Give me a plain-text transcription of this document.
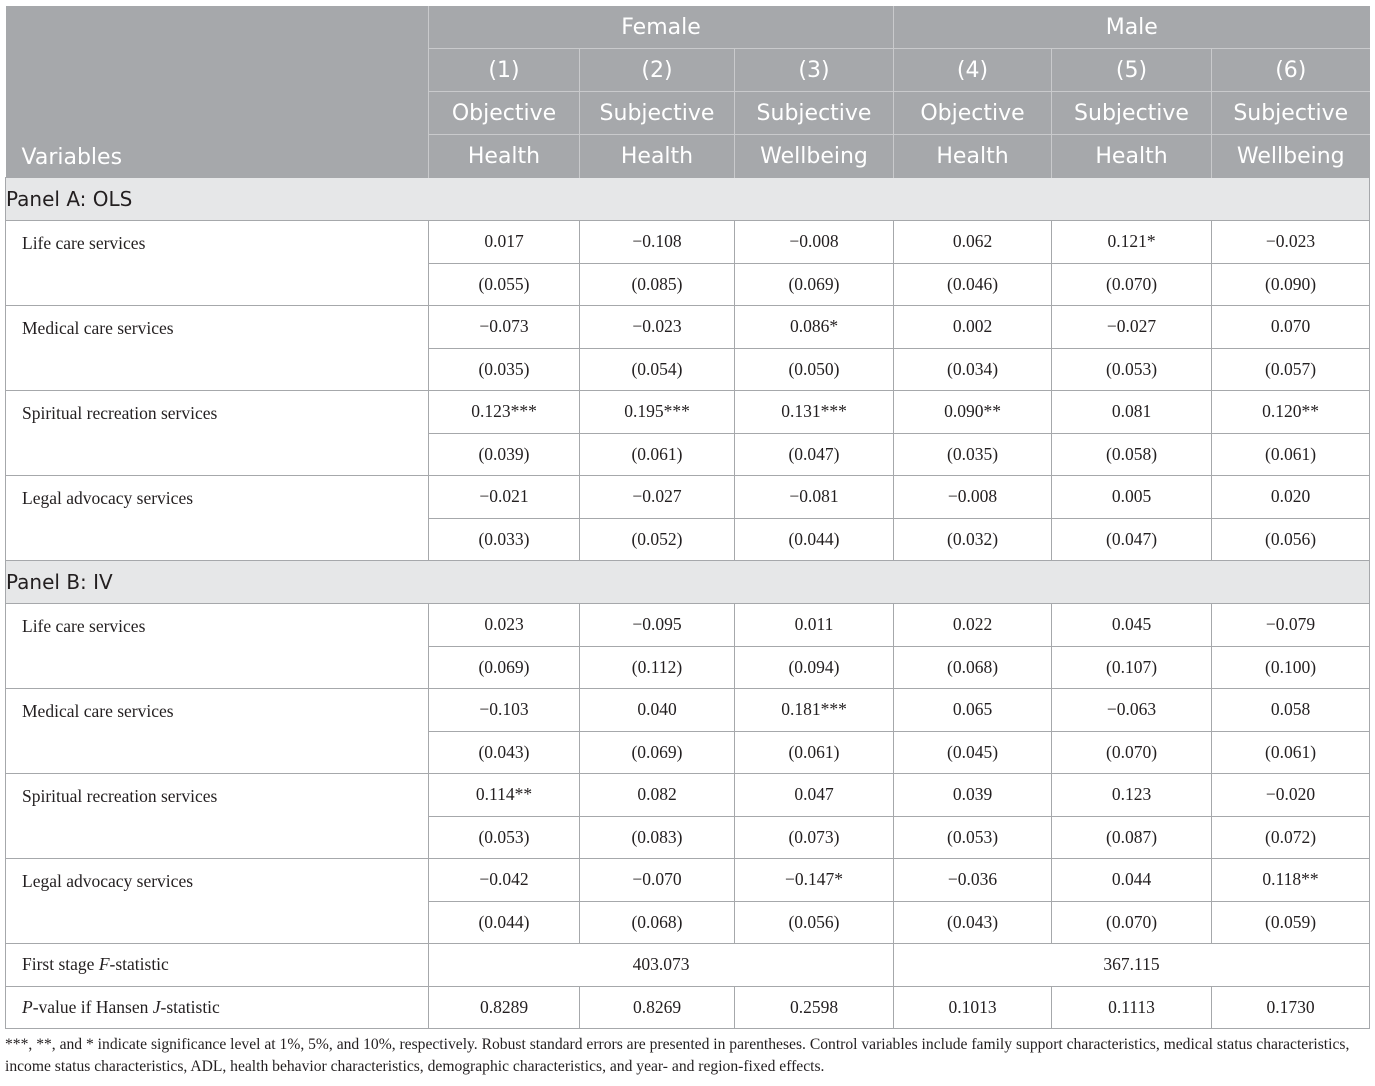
Variables	Female			Male		
	(1)	(2)	(3)	(4)	(5)	(6)
	Objective	Subjective	Subjective	Objective	Subjective	Subjective
	Health	Health	Wellbeing	Health	Health	Wellbeing
Panel A: OLS						
Life care services	0.017	−0.108	−0.008	0.062	0.121*	−0.023
	(0.055)	(0.085)	(0.069)	(0.046)	(0.070)	(0.090)
Medical care services	−0.073	−0.023	0.086*	0.002	−0.027	0.070
	(0.035)	(0.054)	(0.050)	(0.034)	(0.053)	(0.057)
Spiritual recreation services	0.123***	0.195***	0.131***	0.090**	0.081	0.120**
	(0.039)	(0.061)	(0.047)	(0.035)	(0.058)	(0.061)
Legal advocacy services	−0.021	−0.027	−0.081	−0.008	0.005	0.020
	(0.033)	(0.052)	(0.044)	(0.032)	(0.047)	(0.056)
Panel B: IV						
Life care services	0.023	−0.095	0.011	0.022	0.045	−0.079
	(0.069)	(0.112)	(0.094)	(0.068)	(0.107)	(0.100)
Medical care services	−0.103	0.040	0.181***	0.065	−0.063	0.058
	(0.043)	(0.069)	(0.061)	(0.045)	(0.070)	(0.061)
Spiritual recreation services	0.114**	0.082	0.047	0.039	0.123	−0.020
	(0.053)	(0.083)	(0.073)	(0.053)	(0.087)	(0.072)
Legal advocacy services	−0.042	−0.070	−0.147*	−0.036	0.044	0.118**
	(0.044)	(0.068)	(0.056)	(0.043)	(0.070)	(0.059)
First stage F-statistic	403.073			367.115		
P-value if Hansen J-statistic	0.8289	0.8269	0.2598	0.1013	0.1113	0.1730
***, **, and * indicate significance level at 1%, 5%, and 10%, respectively. Robust standard errors are presented in parentheses. Control variables include family support characteristics, medical status characteristics, income status characteristics, ADL, health behavior characteristics, demographic characteristics, and year- and region-fixed effects.
